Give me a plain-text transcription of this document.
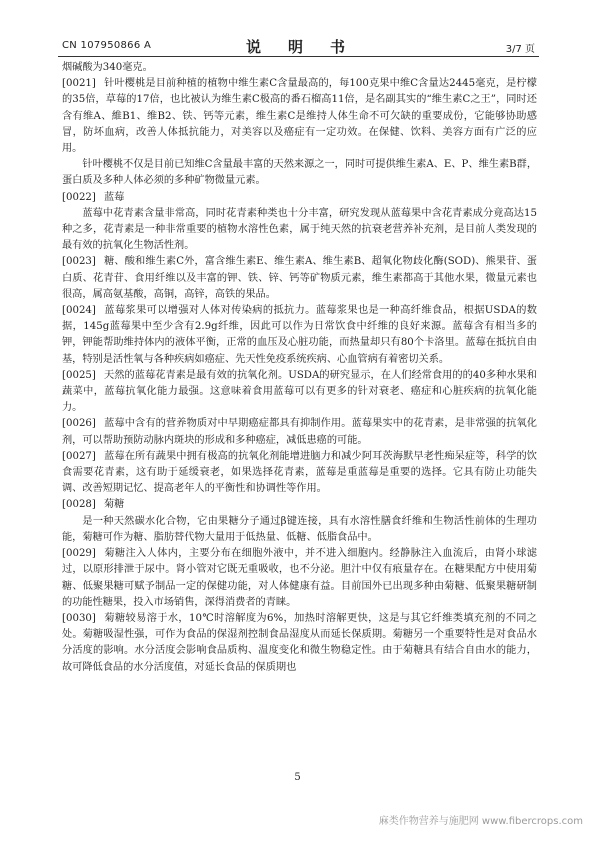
CN 107950866 A	说　明　书	3/7 页

烟碱酸为340毫克。

[0021] 针叶樱桃是目前种植的植物中维生素C含量最高的，每100克果中维C含量达2445毫克，是柠檬的35倍，草莓的17倍，也比被认为维生素C极高的番石榴高11倍，是名副其实的“维生素C之王”，同时还含有维A、維B1、维B2、铁、钙等元素，维生素C是维持人体生命不可欠缺的重要成份，它能够协助感冒，防坏血病，改善人体抵抗能力，对美容以及癌症有一定功效。在保健、饮料、美容方面有广泛的应用。

针叶樱桃不仅是目前已知维C含量最丰富的天然来源之一，同时可提供维生素A、E、P、维生素B群，蛋白质及多种人体必须的多种矿物微量元素。

[0022] 蓝莓

蓝莓中花青素含量非常高，同时花青素种类也十分丰富，研究发现从蓝莓果中含花青素成分竟高达15种之多，花青素是一种非常重要的植物水溶性色素，属于纯天然的抗衰老营养补充剂，是目前人类发现的最有效的抗氧化生物活性剂。

[0023] 糖、酸和维生素C外，富含维生素E、维生素A、维生素B、超氧化物歧化酶(SOD)、熊果苷、蛋白质、花青苷、食用纤维以及丰富的钾、铁、锌、钙等矿物质元素，维生素都高于其他水果，微量元素也很高，属高氨基酸，高铜，高锌，高铁的果品。

[0024] 蓝莓浆果可以增强对人体对传染病的抵抗力。蓝莓浆果也是一种高纤维食品，根据USDA的数据，145g蓝莓果中至少含有2.9g纤维，因此可以作为日常饮食中纤维的良好来源。蓝莓含有相当多的钾，钾能帮助维持体内的液体平衡，正常的血压及心脏功能，而热量却只有80个卡洛里。蓝莓在抵抗自由基，特别是活性氧与各种疾病如癌症、先天性免疫系统疾病、心血管病有着密切关系。

[0025] 天然的蓝莓花青素是最有效的抗氧化剂。USDA的研究显示，在人们经常食用的的40多种水果和蔬菜中，蓝莓抗氧化能力最强。这意味着食用蓝莓可以有更多的针对衰老、癌症和心脏疾病的抗氧化能力。

[0026] 蓝莓中含有的营养物质对中早期癌症都具有抑制作用。蓝莓果实中的花青素，是非常强的抗氧化剂，可以帮助预防动脉内斑块的形成和多种癌症，减低患癌的可能。

[0027] 蓝莓在所有蔬果中拥有极高的抗氧化剂能增进脑力和减少阿耳茨海默早老性痴呆症等，科学的饮食需要花青素，这有助于延缓衰老，如果选择花青素，蓝莓是重蓝莓是重要的选择。它具有防止功能失调、改善短期记忆、提高老年人的平衡性和协调性等作用。

[0028] 菊糖

是一种天然碳水化合物，它由果糖分子通过β键连接，具有水溶性膳食纤维和生物活性前体的生理功能，菊糖可作为糖、脂肪替代物大量用于低热量、低糖、低脂食品中。

[0029] 菊糖注入人体内，主要分布在细胞外液中，并不进入细胞内。经静脉注入血流后，由肾小球滤过，以原形排泄于尿中。肾小管对它既无重吸收，也不分泌。胆汁中仅有痕量存在。在糖果配方中使用菊糖、低聚果糖可赋予制品一定的保健功能，对人体健康有益。目前国外已出现多种由菊糖、低聚果糖研制的功能性糖果，投入市场销售，深得消费者的青睐。

[0030] 菊糖较易溶于水，10℃时溶解度为6%，加热时溶解更快，这是与其它纤维类填充剂的不同之处。菊糖吸湿性强，可作为食品的保湿剂控制食品湿度从而延长保质期。菊糖另一个重要特性是对食品水分活度的影响。水分活度会影响食品质构、温度变化和微生物稳定性。由于菊糖具有结合自由水的能力，故可降低食品的水分活度值，对延长食品的保质期也

5
麻类作物营养与施肥网 www.fibercrops.com
